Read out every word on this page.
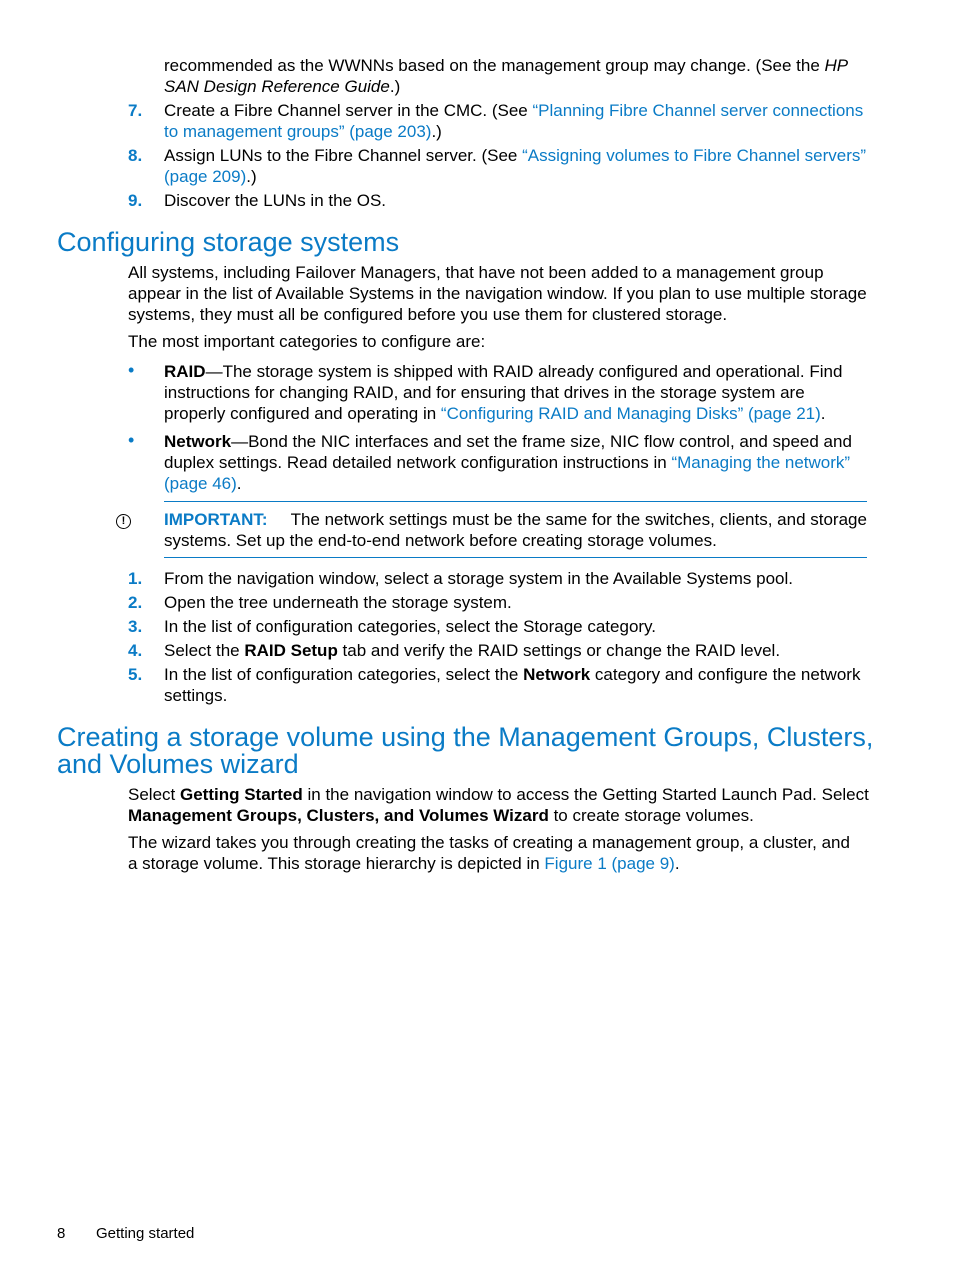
recommended as the WWNNs based on the management group may change. (See the HP SAN Design Reference Guide.)
7.	Create a Fibre Channel server in the CMC. (See “Planning Fibre Channel server connections to management groups” (page 203).)
8.	Assign LUNs to the Fibre Channel server. (See “Assigning volumes to Fibre Channel servers” (page 209).)
9.	Discover the LUNs in the OS.
Configuring storage systems
All systems, including Failover Managers, that have not been added to a management group appear in the list of Available Systems in the navigation window. If you plan to use multiple storage systems, they must all be configured before you use them for clustered storage.
The most important categories to configure are:
• RAID—The storage system is shipped with RAID already configured and operational. Find instructions for changing RAID, and for ensuring that drives in the storage system are properly configured and operating in “Configuring RAID and Managing Disks” (page 21).
• Network—Bond the NIC interfaces and set the frame size, NIC flow control, and speed and duplex settings. Read detailed network configuration instructions in “Managing the network” (page 46).
!	IMPORTANT: The network settings must be the same for the switches, clients, and storage systems. Set up the end-to-end network before creating storage volumes.
1.	From the navigation window, select a storage system in the Available Systems pool.
2.	Open the tree underneath the storage system.
3.	In the list of configuration categories, select the Storage category.
4.	Select the RAID Setup tab and verify the RAID settings or change the RAID level.
5.	In the list of configuration categories, select the Network category and configure the network settings.
Creating a storage volume using the Management Groups, Clusters, and Volumes wizard
Select Getting Started in the navigation window to access the Getting Started Launch Pad. Select Management Groups, Clusters, and Volumes Wizard to create storage volumes.
The wizard takes you through creating the tasks of creating a management group, a cluster, and a storage volume. This storage hierarchy is depicted in Figure 1 (page 9).
8 Getting started
